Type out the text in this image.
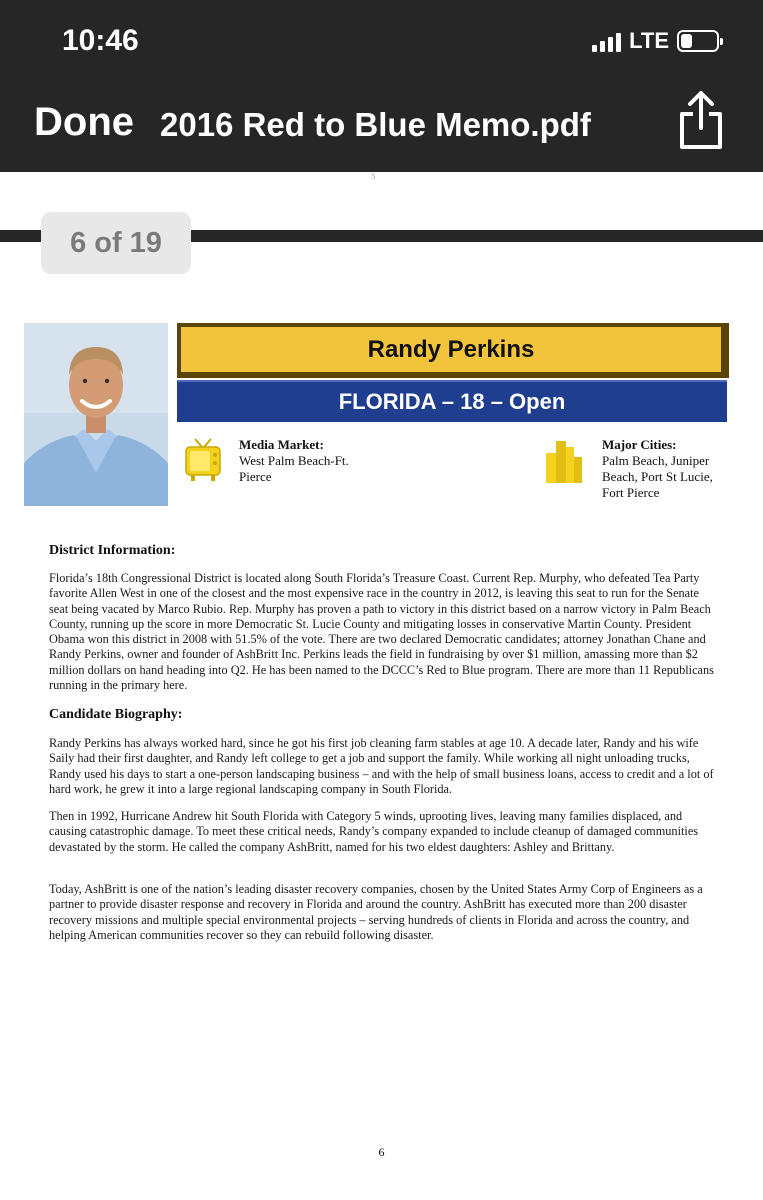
10:46	LTE
Done 2016 Red to Blue Memo.pdf
5
6 of 19
Randy Perkins
FLORIDA – 18 – Open
Media Market:
West Palm Beach-Ft. Pierce
Major Cities:
Palm Beach, Juniper Beach, Port St Lucie, Fort Pierce
District Information:
Florida’s 18th Congressional District is located along South Florida’s Treasure Coast. Current Rep. Murphy, who defeated Tea Party favorite Allen West in one of the closest and the most expensive race in the country in 2012, is leaving this seat to run for the Senate seat being vacated by Marco Rubio. Rep. Murphy has proven a path to victory in this district based on a narrow victory in Palm Beach County, running up the score in more Democratic St. Lucie County and mitigating losses in conservative Martin County. President Obama won this district in 2008 with 51.5% of the vote. There are two declared Democratic candidates; attorney Jonathan Chane and Randy Perkins, owner and founder of AshBritt Inc. Perkins leads the field in fundraising by over $1 million, amassing more than $2 million dollars on hand heading into Q2. He has been named to the DCCC’s Red to Blue program. There are more than 11 Republicans running in the primary here.
Candidate Biography:
Randy Perkins has always worked hard, since he got his first job cleaning farm stables at age 10. A decade later, Randy and his wife Saily had their first daughter, and Randy left college to get a job and support the family. While working all night unloading trucks, Randy used his days to start a one-person landscaping business – and with the help of small business loans, access to credit and a lot of hard work, he grew it into a large regional landscaping company in South Florida.
Then in 1992, Hurricane Andrew hit South Florida with Category 5 winds, uprooting lives, leaving many families displaced, and causing catastrophic damage. To meet these critical needs, Randy’s company expanded to include cleanup of damaged communities devastated by the storm. He called the company AshBritt, named for his two eldest daughters: Ashley and Brittany.
Today, AshBritt is one of the nation’s leading disaster recovery companies, chosen by the United States Army Corp of Engineers as a partner to provide disaster response and recovery in Florida and around the country. AshBritt has executed more than 200 disaster recovery missions and multiple special environmental projects – serving hundreds of clients in Florida and across the country, and helping American communities recover so they can rebuild following disaster.
6
